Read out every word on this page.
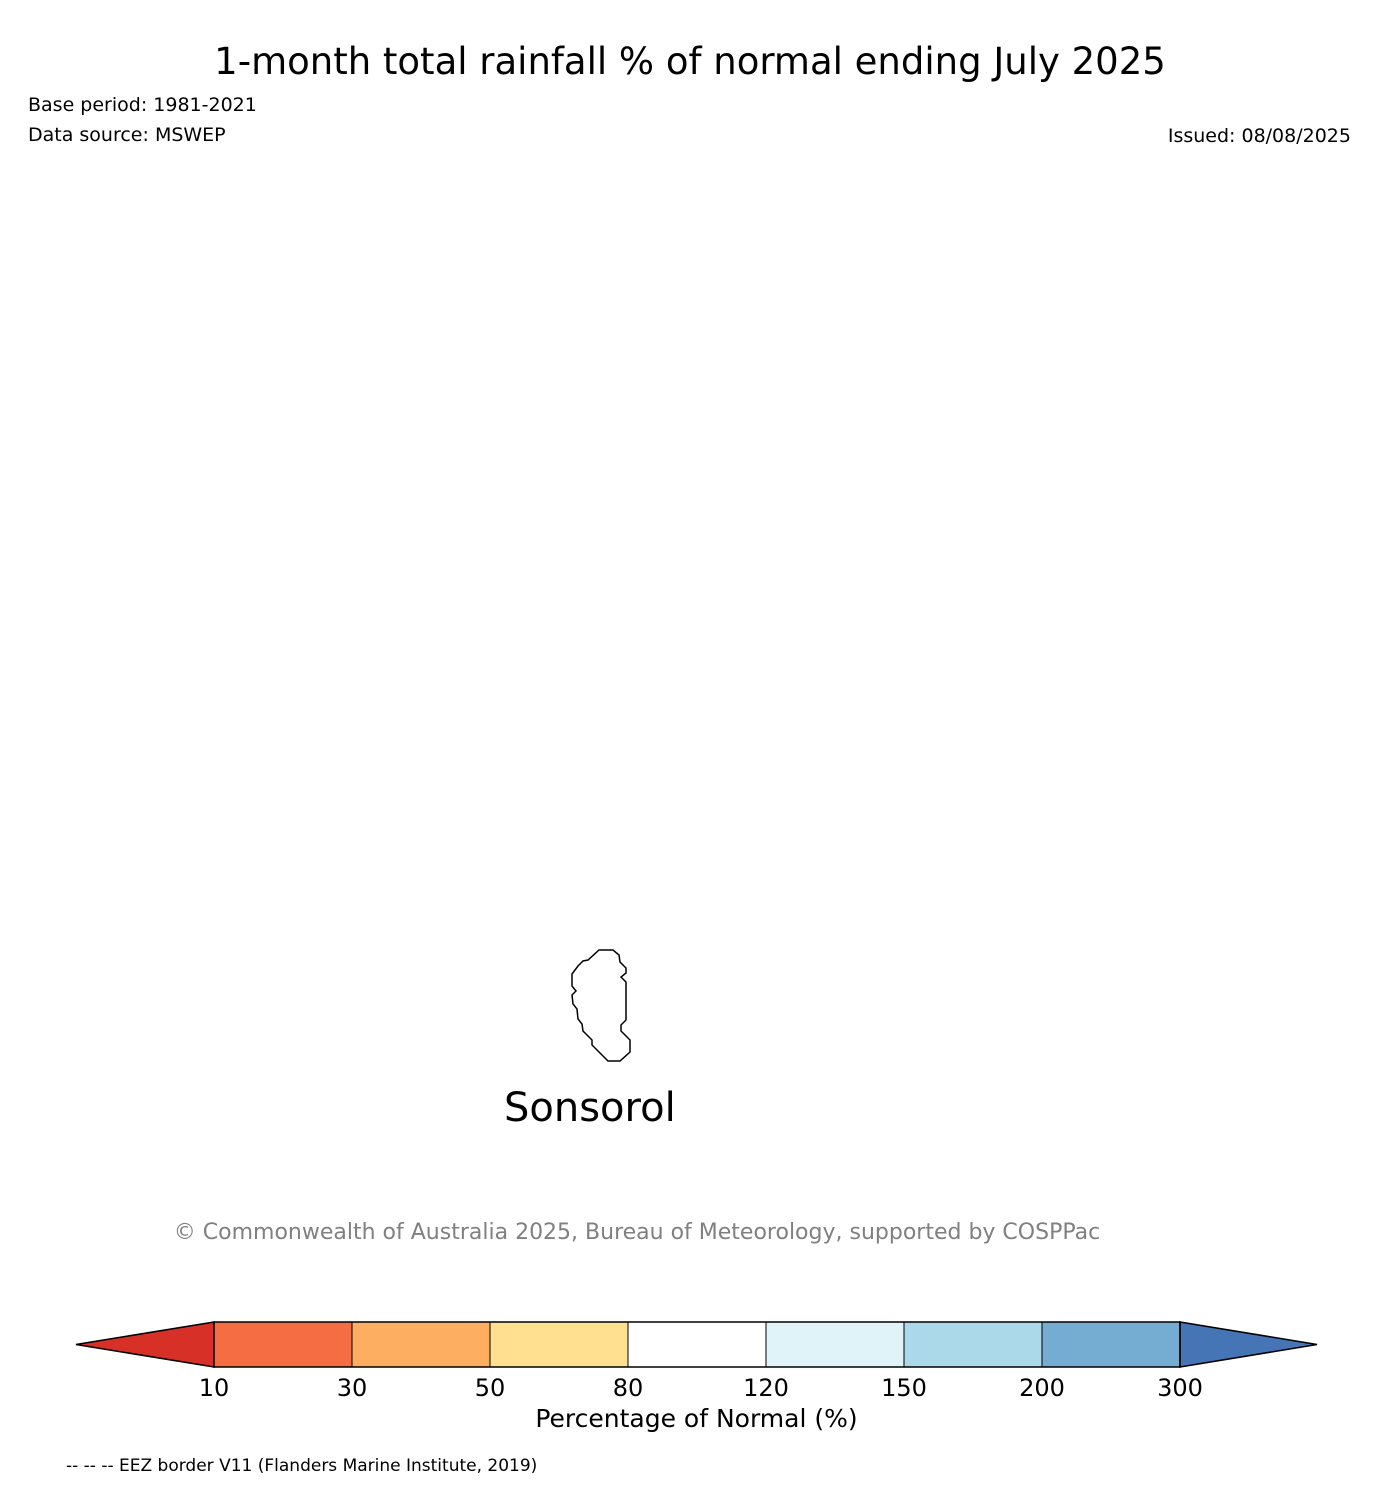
1-month total rainfall % of normal ending July 2025
Base period: 1981-2021
Data source: MSWEP	Issued: 08/08/2025
Sonsorol
© Commonwealth of Australia 2025, Bureau of Meteorology, supported by COSPPac
10	30	50	80	120	150	200	300
Percentage of Normal (%)
-- -- -- EEZ border V11 (Flanders Marine Institute, 2019)
